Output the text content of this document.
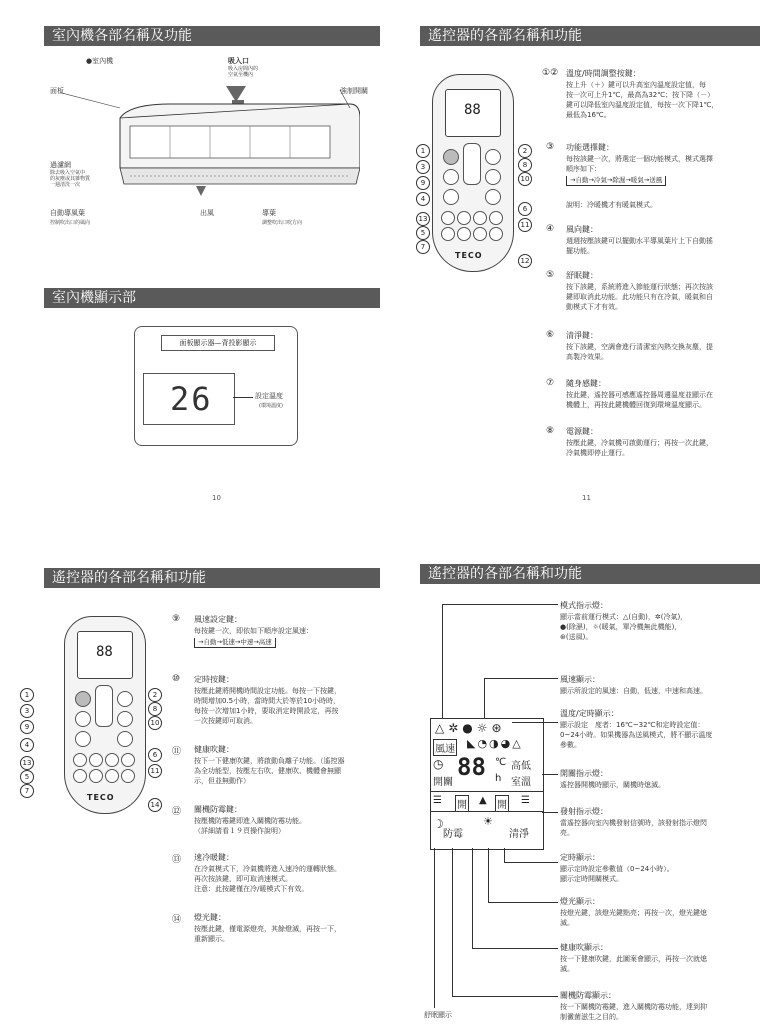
室內機各部名稱及功能
●室內機	吸入口
吸入房間內的
空氣至機內
面板	強制開關
過濾網
除去吸入空氣中
的灰塵或其雜物質
一週清洗一次
自動導風葉
控制吹出口的風向
出風	導葉
調整吹出口吹方向
室內機顯示部
面板顯示器—背投影顯示
26	設定溫度
(環境溫度)
10
遙控器的各部名稱和功能
88
TECO
1
3
9
4
13
5
7
2
8
10
6
11
12
①② 溫度/時間調整按鍵：
按上升（＋）鍵可以升高室內溫度設定值，每
按一次可上升1℃，最高為32℃；按下降（－）
鍵可以降低室內溫度設定值，每按一次下降1℃，
最低為16℃。
③ 功能選擇鍵：
每按該鍵一次，將選定一個功能模式，模式選擇
順序如下：
→自動→冷氣→除濕→暖氣→送風
說明：冷暖機才有暖氣模式。
④ 風向鍵：
週週按壓該鍵可以擺動水平導風葉片上下自動搖
擺功能。
⑤ 舒眠鍵：
按下該鍵，系統將進入節能運行狀態；再次按該
鍵即取消此功能。此功能只有在冷氣，暖氣和自
動模式下才有效。
⑥ 清淨鍵：
按下該鍵，空調會進行清潔室內熱交換灰塵，提
高製冷效果。
⑦ 隨身感鍵：
按此鍵，遙控器可感應遙控器周邊溫度並顯示在
機體上，再按此鍵機體回復到環境溫度顯示。
⑧ 電源鍵：
按壓此鍵，冷氣機可啟動運行；再按一次此鍵，
冷氣機即停止運行。
11
遙控器的各部名稱和功能
88
TECO
1
3
9
4
13
5
7
2
8
10
6
11
14
⑨ 風速設定鍵：
每按鍵一次，即依如下順序設定風速：
→自動→低速→中速→高速
⑩ 定時按鍵：
按壓此鍵將開機時間設定功能。每按一下按鍵，
時間增加0.5小時，當時間大於等於10小時時，
每按一次增加1小時，要取消定時開設定，再按
一次按鍵即可取消。
⑪ 健康吹鍵：
按下一下健康吹鍵，將啟動負離子功能。（遙控器
為全功能型，按壓左右吹、健康吹、機體會無顯
示，但並無動作）
⑫ 關機防霉鍵：
按壓機防霉鍵即進入關機防霉功能。
（詳細請看１９頁操作說明）
⑬ 速冷暖鍵：
在冷氣模式下，冷氣機將進入速冷的運轉狀態。
再次按該鍵，即可取消速模式。
注意：此按鍵僅在冷/暖模式下有效。
⑭ 燈光鍵：
按壓此鍵，僅電源燈亮，其餘燈滅，再按一下，
重新顯示。
遙控器的各部名稱和功能
△✲●☼⊛
風速 ◣◔◑◕△
◷
開關
88 ℃ 高低
h 室溫
☰ 開 ▲ 開 ☰
☽
防霉
☀
清淨
模式指示燈：
顯示當前運行模式：△(自動)，✲(冷氣)，
●(除濕)，☼(暖氣，單冷機無此機能)，
⊛(送風)。
風速顯示：
顯示所設定的風速：自動，低速，中速和高速。
溫度/定時顯示：
顯示設定　度者：16℃~32℃和定時設定值：
0~24小時。如果機器為送風模式，將不顯示溫度
參數。
開關指示燈：
遙控器開機時顯示，關機時熄滅。
發射指示燈：
當遙控器向室內機發射信號時，該發射指示燈閃
亮。
定時顯示：
顯示定時設定參數值（0~24小時）。
顯示定時開關模式。
燈光顯示：
按燈光鍵，該燈光鍵點亮；再按一次，燈光鍵熄
滅。
健康吹顯示：
按一下健康吹鍵，此圖案會顯示，再按一次就熄
滅。
關機防霉顯示：
按一下關機防霉鍵，進入關機防霉功能，達到抑
制黴菌滋生之目的。
舒眠顯示
